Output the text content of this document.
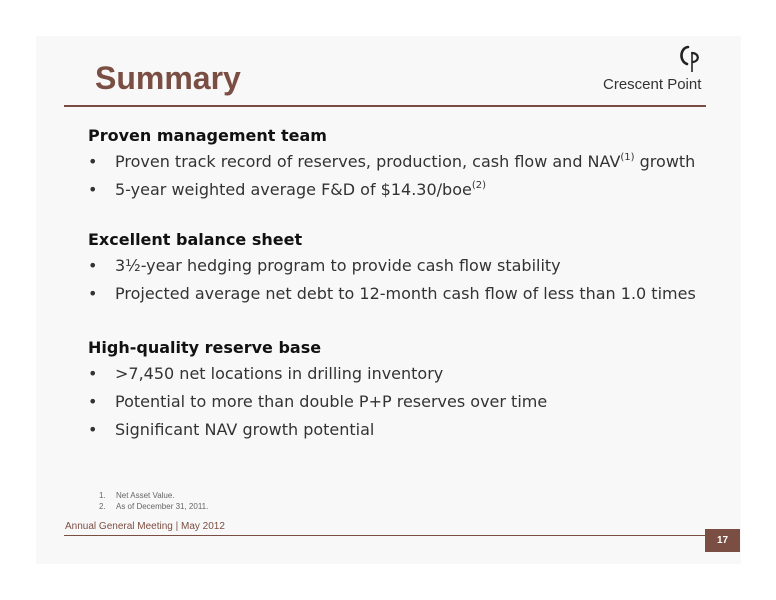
Summary	Crescent Point

Proven management team

• Proven track record of reserves, production, cash flow and NAV$^{(1)}$ growth
• 5-year weighted average F&D of $14.30/boe$^{(2)}$

Excellent balance sheet

• 3½-year hedging program to provide cash flow stability
• Projected average net debt to 12-month cash flow of less than 1.0 times

High-quality reserve base

• >7,450 net locations in drilling inventory
• Potential to more than double P+P reserves over time
• Significant NAV growth potential
1. Net Asset Value.
2. As of December 31, 2011.
Annual General Meeting | May 2012
17
